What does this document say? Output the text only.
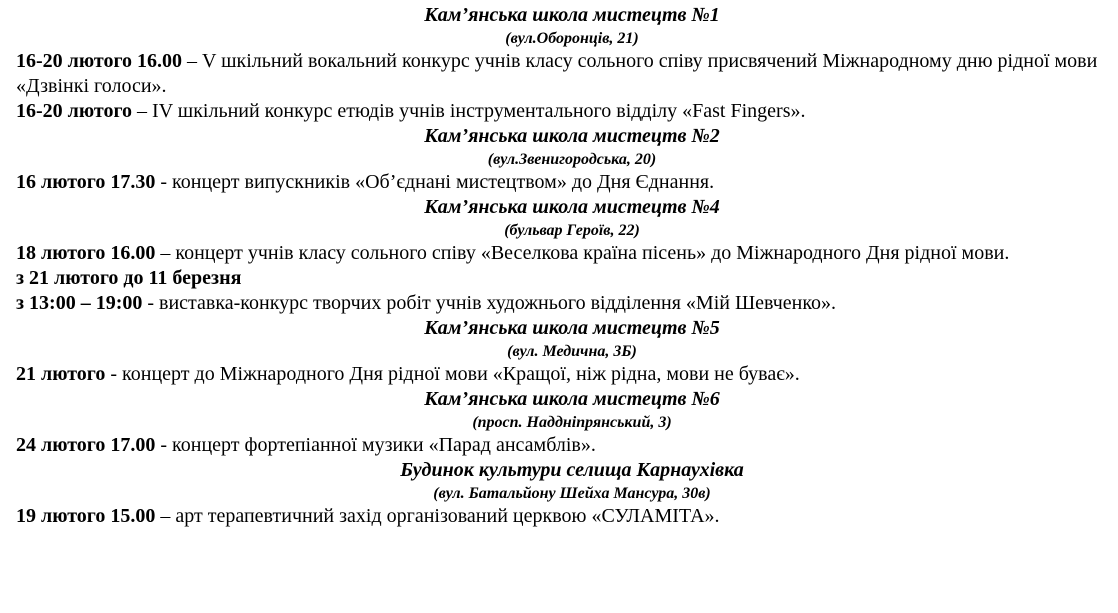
Кам’янська школа мистецтв №1
(вул.Оборонців, 21)
16-20 лютого 16.00 – V шкільний вокальний конкурс учнів класу сольного співу присвячений Міжнародному дню рідної мови «Дзвінкі голоси».
16-20 лютого – IV шкільний конкурс етюдів учнів інструментального відділу «Fast Fingers».
Кам’янська школа мистецтв №2
(вул.Звенигородська, 20)
16 лютого 17.30 - концерт випускників «Об’єднані мистецтвом» до Дня Єднання.
Кам’янська школа мистецтв №4
(бульвар Героїв, 22)
18 лютого 16.00 – концерт учнів класу сольного співу «Веселкова країна пісень» до Міжнародного Дня рідної мови.
з 21 лютого до 11 березня
з 13:00 – 19:00 - виставка-конкурс творчих робіт учнів художнього відділення «Мій Шевченко».
Кам’янська школа мистецтв №5
(вул. Медична, 3Б)
21 лютого - концерт до Міжнародного Дня рідної мови «Кращої, ніж рідна, мови не буває».
Кам’янська школа мистецтв №6
(просп. Наддніпрянський, 3)
24 лютого 17.00 - концерт фортепіанної музики «Парад ансамблів».
Будинок культури селища Карнаухівка
(вул. Батальйону Шейха Мансура, 30в)
19 лютого 15.00 – арт терапевтичний захід організований церквою «СУЛАМІТА».
